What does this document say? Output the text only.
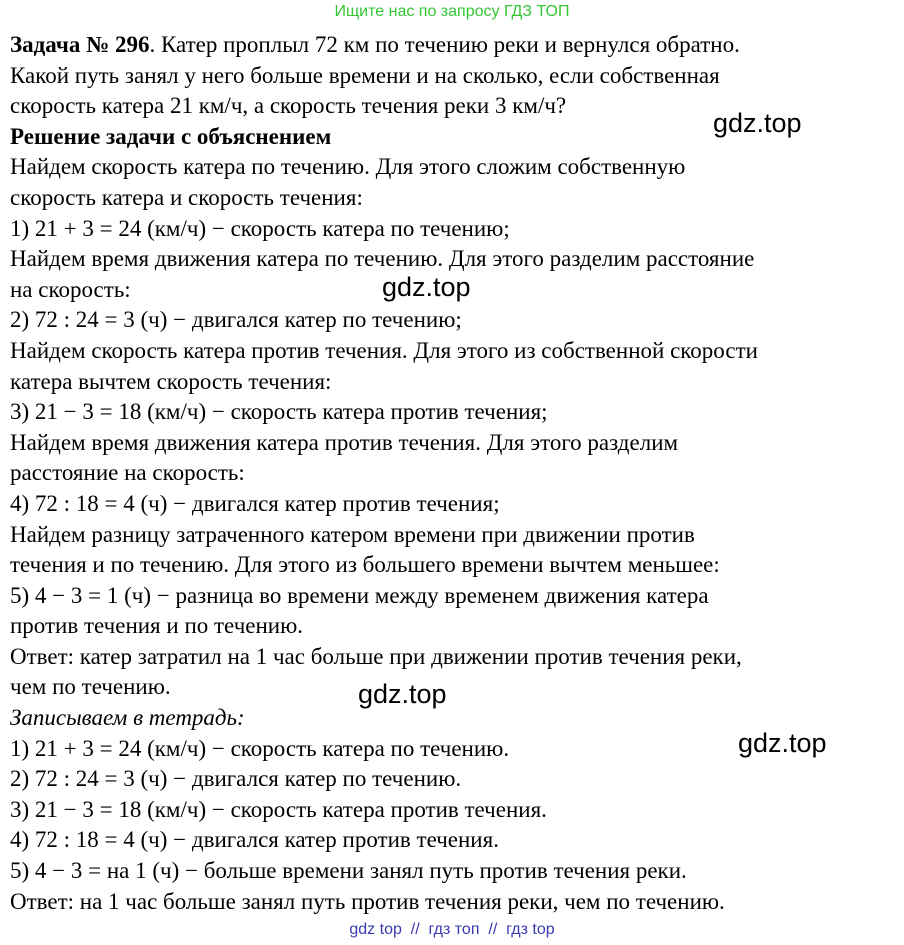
Ищите нас по запросу ГДЗ ТОП
Задача № 296. Катер проплыл 72 км по течению реки и вернулся обратно.
Какой путь занял у него больше времени и на сколько, если собственная
скорость катера 21 км/ч, а скорость течения реки 3 км/ч?
Решение задачи с объяснением
Найдем скорость катера по течению. Для этого сложим собственную
скорость катера и скорость течения:
1) 21 + 3 = 24 (км/ч) − скорость катера по течению;
Найдем время движения катера по течению. Для этого разделим расстояние
на скорость:
2) 72 : 24 = 3 (ч) − двигался катер по течению;
Найдем скорость катера против течения. Для этого из собственной скорости
катера вычтем скорость течения:
3) 21 − 3 = 18 (км/ч) − скорость катера против течения;
Найдем время движения катера против течения. Для этого разделим
расстояние на скорость:
4) 72 : 18 = 4 (ч) − двигался катер против течения;
Найдем разницу затраченного катером времени при движении против
течения и по течению. Для этого из большего времени вычтем меньшее:
5) 4 − 3 = 1 (ч) − разница во времени между временем движения катера
против течения и по течению.
Ответ: катер затратил на 1 час больше при движении против течения реки,
чем по течению.
Записываем в тетрадь:
1) 21 + 3 = 24 (км/ч) − скорость катера по течению.
2) 72 : 24 = 3 (ч) − двигался катер по течению.
3) 21 − 3 = 18 (км/ч) − скорость катера против течения.
4) 72 : 18 = 4 (ч) − двигался катер против течения.
5) 4 − 3 = на 1 (ч) − больше времени занял путь против течения реки.
Ответ: на 1 час больше занял путь против течения реки, чем по течению.
gdz.top
gdz.top
gdz.top
gdz.top
gdz top  //  гдз топ  //  гдз top
